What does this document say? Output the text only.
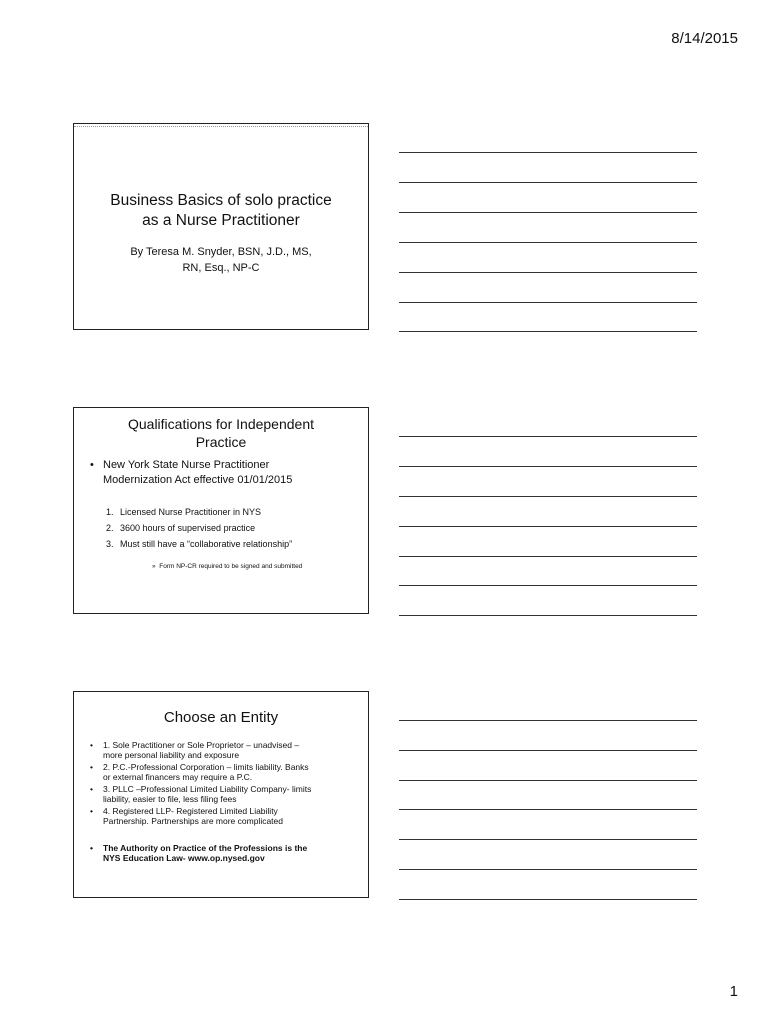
8/14/2015
Business Basics of solo practice
as a Nurse Practitioner
By Teresa M. Snyder, BSN, J.D., MS,
RN, Esq., NP-C
Qualifications for Independent
Practice
• New York State Nurse Practitioner
Modernization Act effective 01/01/2015
1. Licensed Nurse Practitioner in NYS
2. 3600 hours of supervised practice
3. Must still have a “collaborative relationship”
»  Form NP-CR required to be signed and submitted
Choose an Entity
•	1. Sole Practitioner or Sole Proprietor – unadvised –
more personal liability and exposure
•	2. P.C.-Professional Corporation – limits liability. Banks
or external financers may require a P.C.
•	3. PLLC –Professional Limited Liability Company- limits
liability, easier to file, less filing fees
•	4. Registered LLP- Registered Limited Liability
Partnership. Partnerships are more complicated
•	The Authority on Practice of the Professions is the
NYS Education Law- www.op.nysed.gov
1
